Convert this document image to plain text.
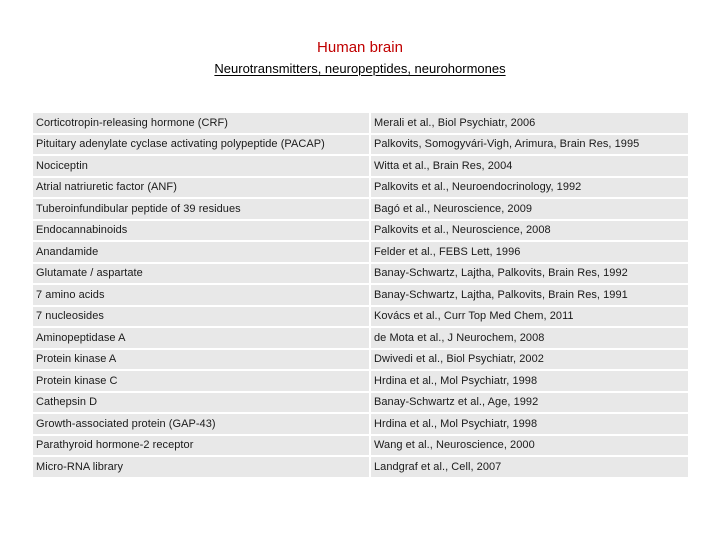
Human brain
Neurotransmitters, neuropeptides, neurohormones
Corticotropin-releasing hormone (CRF)	Merali et al., Biol Psychiatr, 2006
Pituitary adenylate cyclase activating polypeptide (PACAP)	Palkovits, Somogyvári-Vigh, Arimura, Brain Res, 1995
Nociceptin	Witta et al., Brain Res, 2004
Atrial natriuretic factor (ANF)	Palkovits et al., Neuroendocrinology, 1992
Tuberoinfundibular peptide of 39 residues	Bagó et al., Neuroscience, 2009
Endocannabinoids	Palkovits et al., Neuroscience, 2008
Anandamide	Felder et al., FEBS Lett, 1996
Glutamate / aspartate	Banay-Schwartz, Lajtha, Palkovits, Brain Res, 1992
7 amino acids	Banay-Schwartz, Lajtha, Palkovits, Brain Res, 1991
7 nucleosides	Kovács et al., Curr Top Med Chem, 2011
Aminopeptidase A	de Mota et al., J Neurochem, 2008
Protein kinase A	Dwivedi et al., Biol Psychiatr, 2002
Protein kinase C	Hrdina et al., Mol Psychiatr, 1998
Cathepsin D	Banay-Schwartz et al., Age, 1992
Growth-associated protein (GAP-43)	Hrdina et al., Mol Psychiatr, 1998
Parathyroid hormone-2 receptor	Wang et al., Neuroscience, 2000
Micro-RNA library	Landgraf et al., Cell, 2007
